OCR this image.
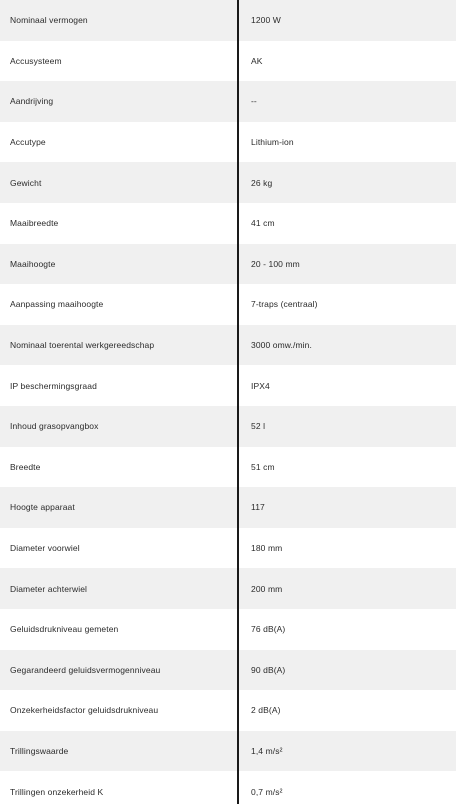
Nominaal vermogen	1200 W
Accusysteem	AK
Aandrijving	--
Accutype	Lithium-ion
Gewicht	26 kg
Maaibreedte	41 cm
Maaihoogte	20 - 100 mm
Aanpassing maaihoogte	7-traps (centraal)
Nominaal toerental werkgereedschap	3000 omw./min.
IP beschermingsgraad	IPX4
Inhoud grasopvangbox	52 l
Breedte	51 cm
Hoogte apparaat	117
Diameter voorwiel	180 mm
Diameter achterwiel	200 mm
Geluidsdrukniveau gemeten	76 dB(A)
Gegarandeerd geluidsvermogenniveau	90 dB(A)
Onzekerheidsfactor geluidsdrukniveau	2 dB(A)
Trillingswaarde	1,4 m/s²
Trillingen onzekerheid K	0,7 m/s²
